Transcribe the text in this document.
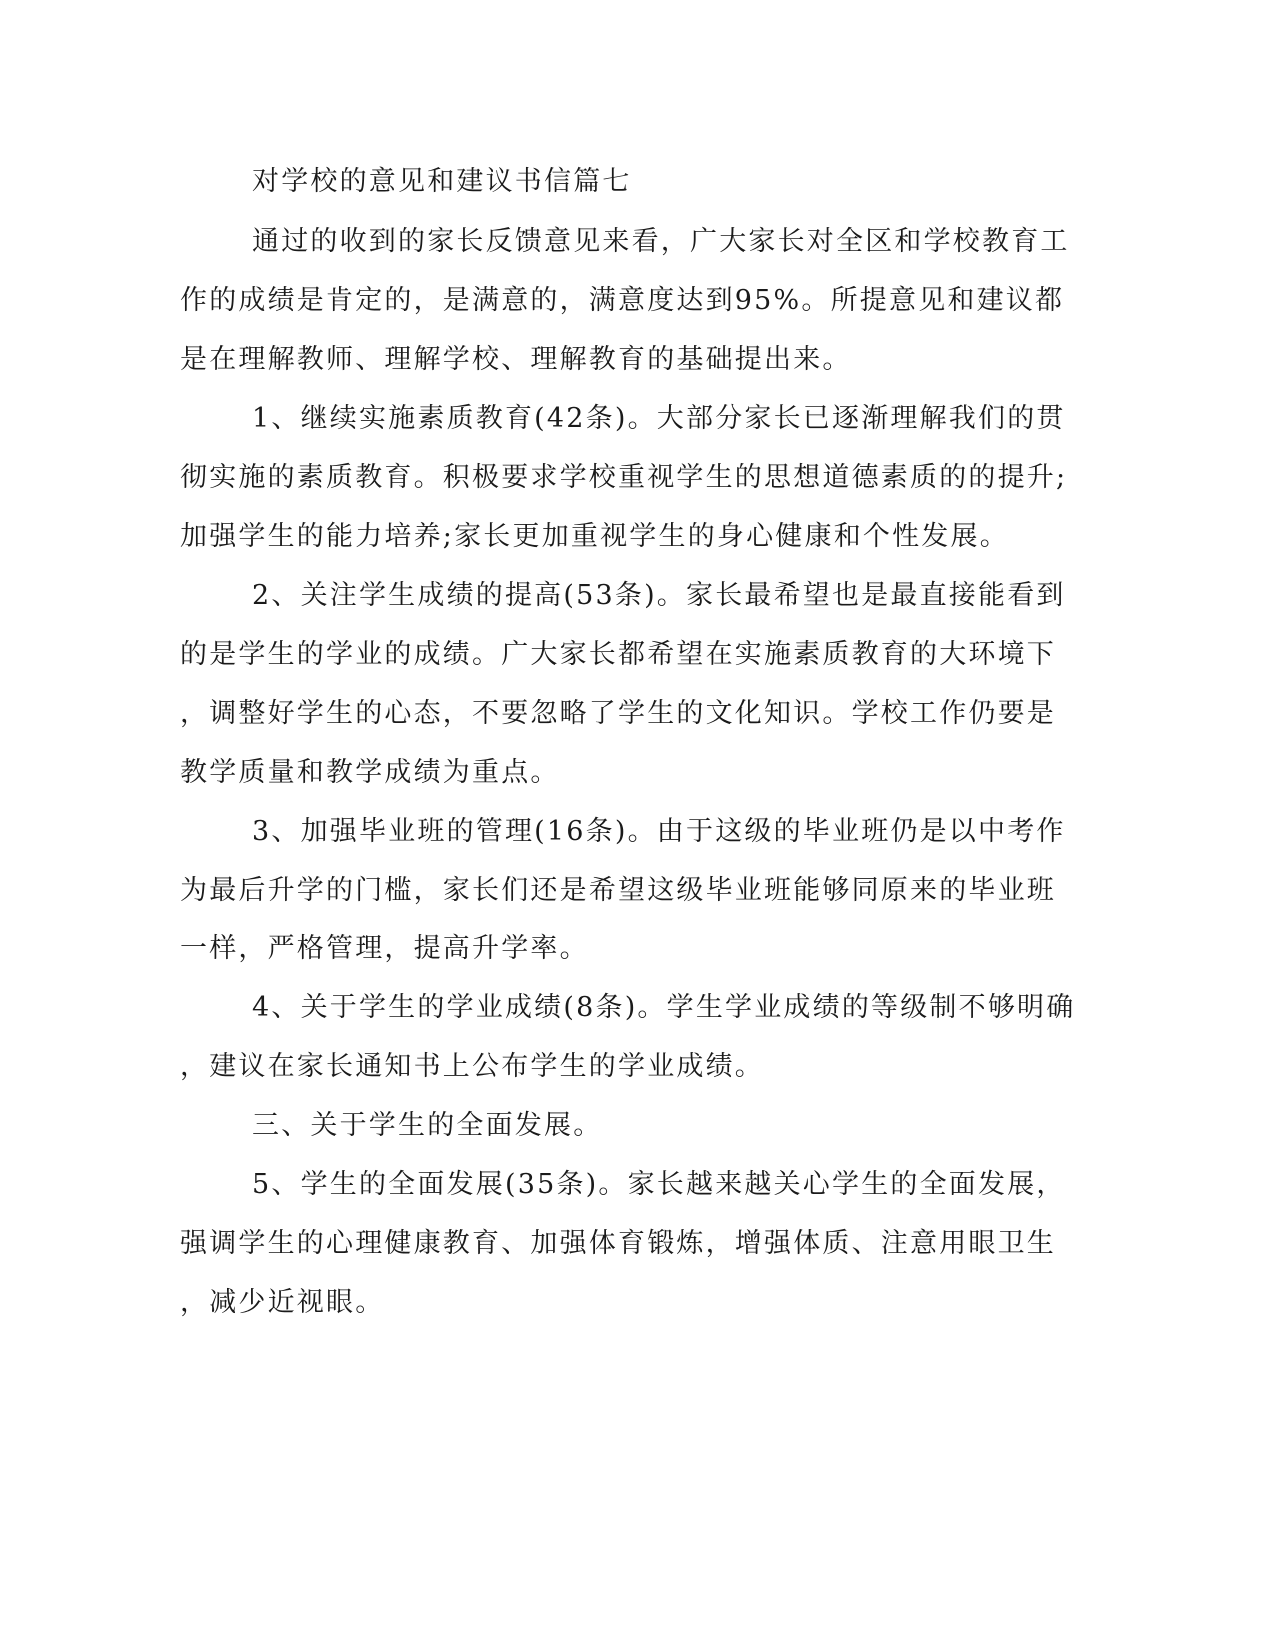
对学校的意见和建议书信篇七
通过的收到的家长反馈意见来看，广大家长对全区和学校教育工
作的成绩是肯定的，是满意的，满意度达到95%。所提意见和建议都
是在理解教师、理解学校、理解教育的基础提出来。
1、继续实施素质教育(42条)。大部分家长已逐渐理解我们的贯
彻实施的素质教育。积极要求学校重视学生的思想道德素质的的提升;
加强学生的能力培养;家长更加重视学生的身心健康和个性发展。
2、关注学生成绩的提高(53条)。家长最希望也是最直接能看到
的是学生的学业的成绩。广大家长都希望在实施素质教育的大环境下
，调整好学生的心态，不要忽略了学生的文化知识。学校工作仍要是
教学质量和教学成绩为重点。
3、加强毕业班的管理(16条)。由于这级的毕业班仍是以中考作
为最后升学的门槛，家长们还是希望这级毕业班能够同原来的毕业班
一样，严格管理，提高升学率。
4、关于学生的学业成绩(8条)。学生学业成绩的等级制不够明确
，建议在家长通知书上公布学生的学业成绩。
三、关于学生的全面发展。
5、学生的全面发展(35条)。家长越来越关心学生的全面发展，
强调学生的心理健康教育、加强体育锻炼，增强体质、注意用眼卫生
，减少近视眼。
